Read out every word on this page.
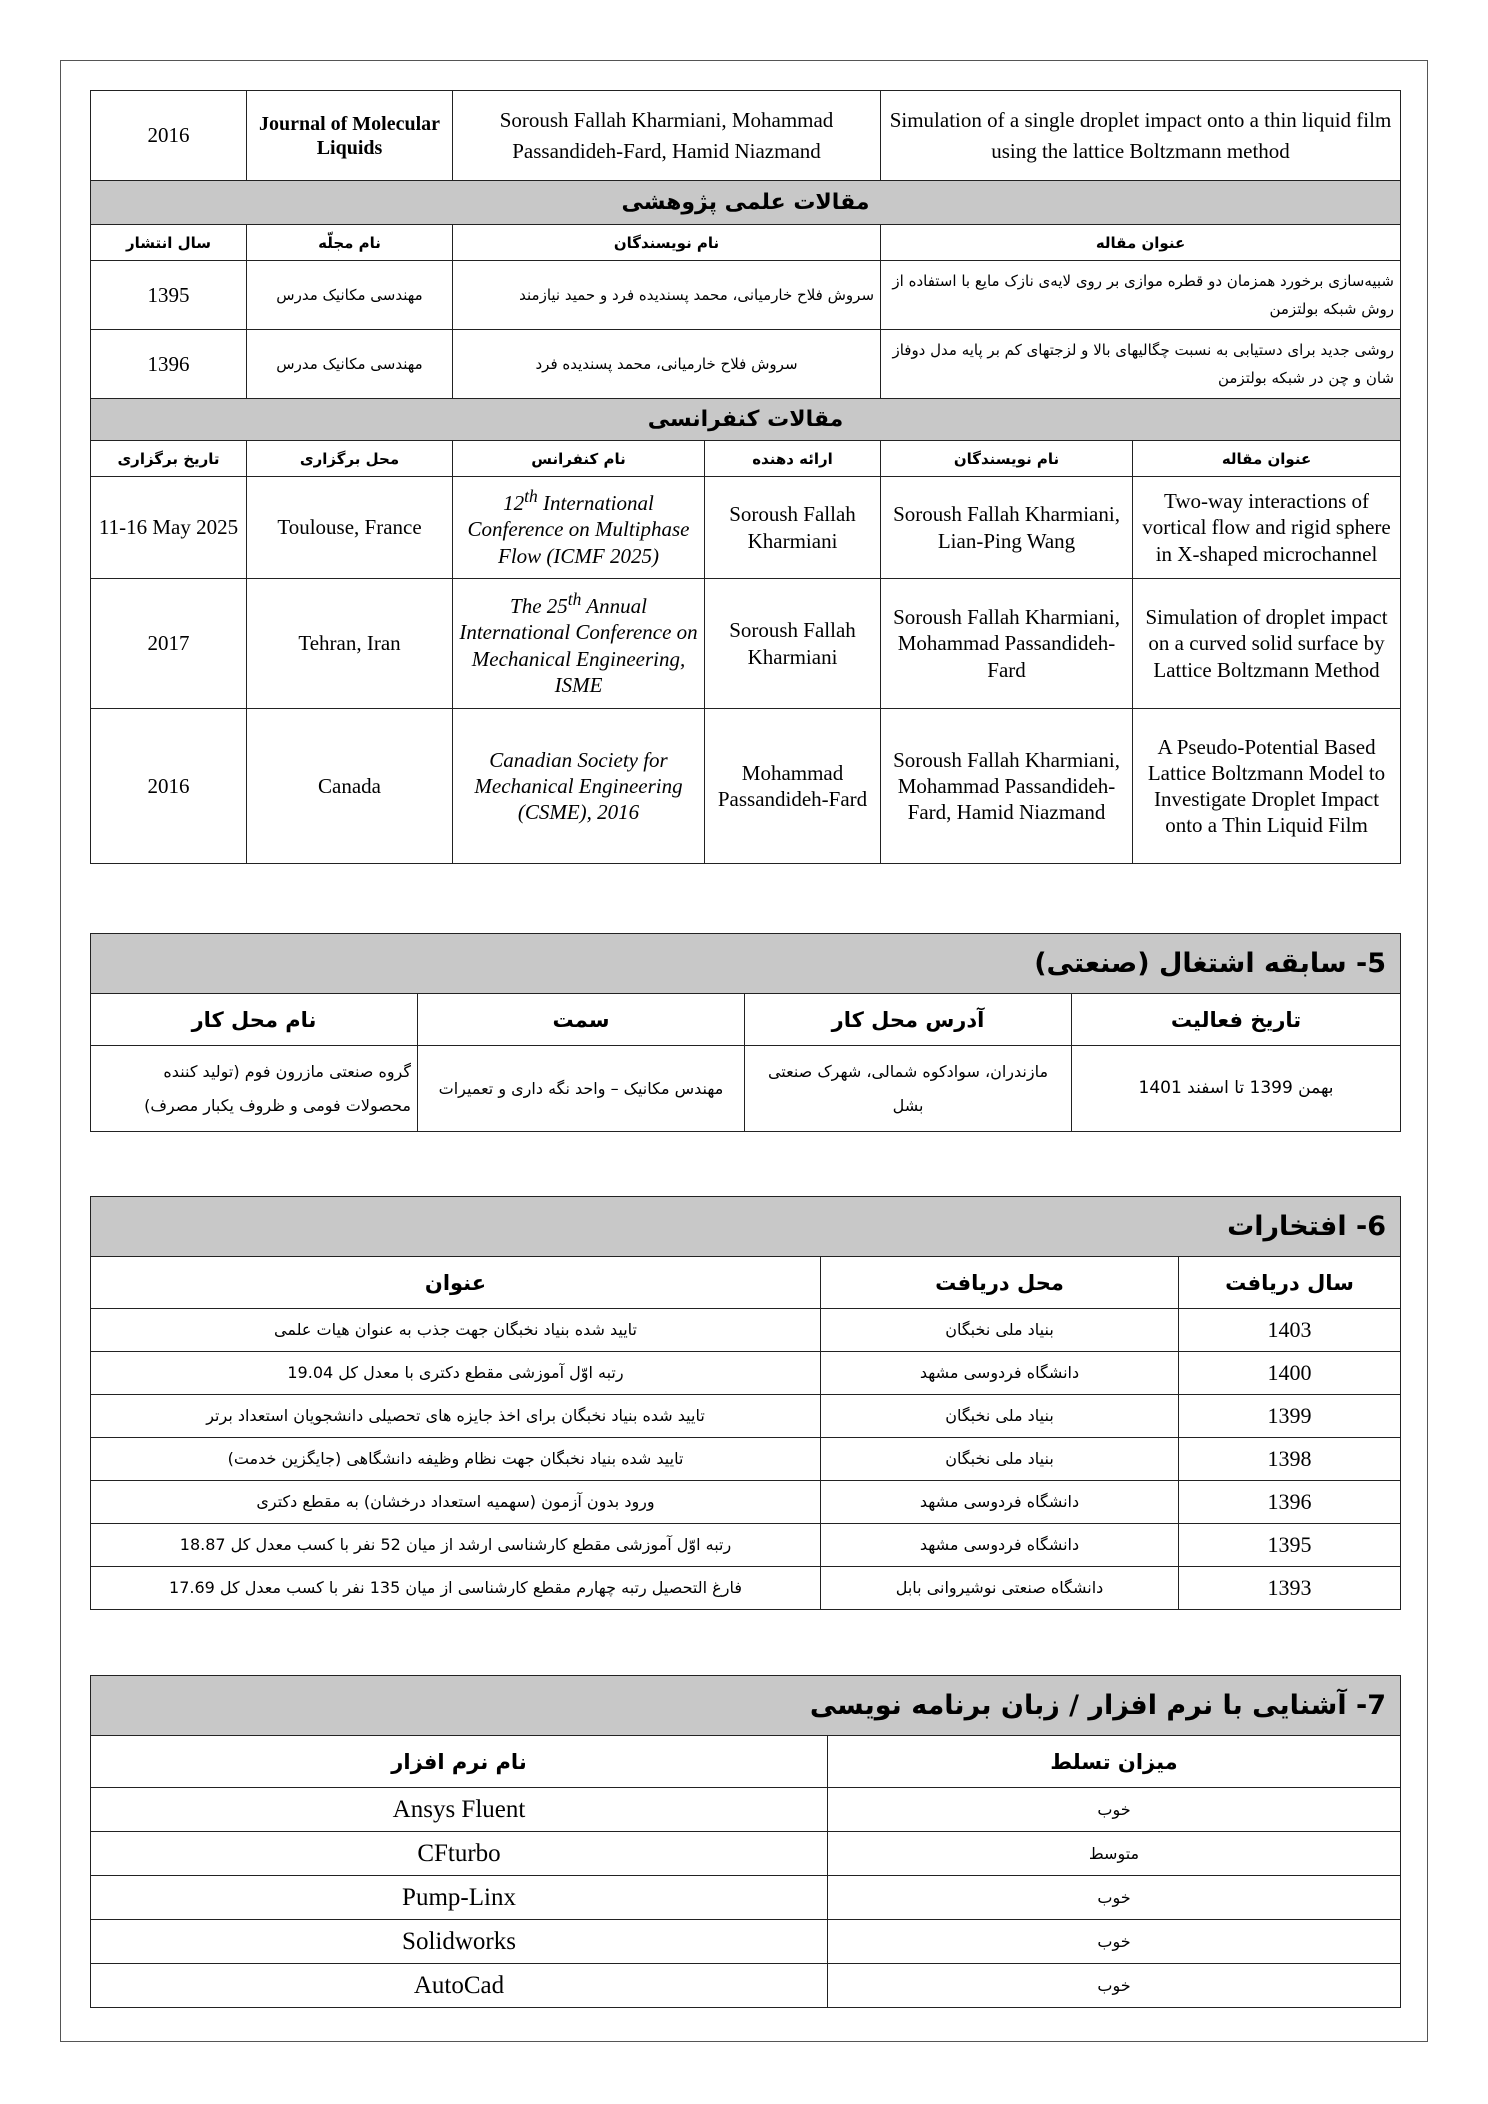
2016	Journal of Molecular Liquids	Soroush Fallah Kharmiani, Mohammad Passandideh-Fard, Hamid Niazmand		Simulation of a single droplet impact onto a thin liquid film using the lattice Boltzmann method	
مقالات علمی پژوهشی					
سال انتشار	نام مجلّه	نام نویسندگان		عنوان مقاله	
1395	مهندسی مکانیک مدرس	سروش فلاح خارمیانی، محمد پسندیده فرد و حمید نیازمند		شبیه‌سازی برخورد همزمان دو قطره موازی بر روی لایه‌ی نازک مایع با استفاده از روش شبکه بولتزمن	
1396	مهندسی مکانیک مدرس	سروش فلاح خارمیانی، محمد پسندیده فرد		روشی جدید برای دستیابی به نسبت چگالیهای بالا و لزجتهای کم بر پایه مدل دوفاز شان و چن در شبکه بولتزمن	
مقالات کنفرانسی					
تاریخ برگزاری	محل برگزاری	نام کنفرانس	ارائه دهنده	نام نویسندگان	عنوان مقاله
11-16 May 2025	Toulouse, France	12th International Conference on Multiphase Flow (ICMF 2025)	Soroush Fallah Kharmiani	Soroush Fallah Kharmiani, Lian-Ping Wang	Two-way interactions of vortical flow and rigid sphere in X-shaped microchannel
2017	Tehran, Iran	The 25th Annual International Conference on Mechanical Engineering, ISME	Soroush Fallah Kharmiani	Soroush Fallah Kharmiani, Mohammad Passandideh-Fard	Simulation of droplet impact on a curved solid surface by Lattice Boltzmann Method
2016	Canada	Canadian Society for Mechanical Engineering (CSME), 2016	Mohammad Passandideh-Fard	Soroush Fallah Kharmiani, Mohammad Passandideh-Fard, Hamid Niazmand	A Pseudo-Potential Based Lattice Boltzmann Model to Investigate Droplet Impact onto a Thin Liquid Film
5- سابقه اشتغال (صنعتی)			
نام محل کار	سمت	آدرس محل کار	تاریخ فعالیت
گروه صنعتی مازرون فوم (تولید کننده محصولات فومی و ظروف یکبار مصرف)	مهندس مکانیک – واحد نگه داری و تعمیرات	مازندران، سوادکوه شمالی، شهرک صنعتی بشل	بهمن 1399 تا اسفند 1401
6- افتخارات		
عنوان	محل دریافت	سال دریافت
تایید شده بنیاد نخبگان جهت جذب به عنوان هیات علمی	بنیاد ملی نخبگان	1403
رتبه اوّل آموزشی مقطع دکتری با معدل کل 19.04	دانشگاه فردوسی مشهد	1400
تایید شده بنیاد نخبگان برای اخذ جایزه های تحصیلی دانشجویان استعداد برتر	بنیاد ملی نخبگان	1399
تایید شده بنیاد نخبگان جهت نظام وظیفه دانشگاهی (جایگزین خدمت)	بنیاد ملی نخبگان	1398
ورود بدون آزمون (سهمیه استعداد درخشان) به مقطع دکتری	دانشگاه فردوسی مشهد	1396
رتبه اوّل آموزشی مقطع کارشناسی ارشد از میان 52 نفر با کسب معدل کل 18.87	دانشگاه فردوسی مشهد	1395
فارغ التحصیل رتبه چهارم مقطع کارشناسی از میان 135 نفر با کسب معدل کل 17.69	دانشگاه صنعتی نوشیروانی بابل	1393
7- آشنایی با نرم افزار / زبان برنامه نویسی	
نام نرم افزار	میزان تسلط
Ansys Fluent	خوب
CFturbo	متوسط
Pump-Linx	خوب
Solidworks	خوب
AutoCad	خوب
